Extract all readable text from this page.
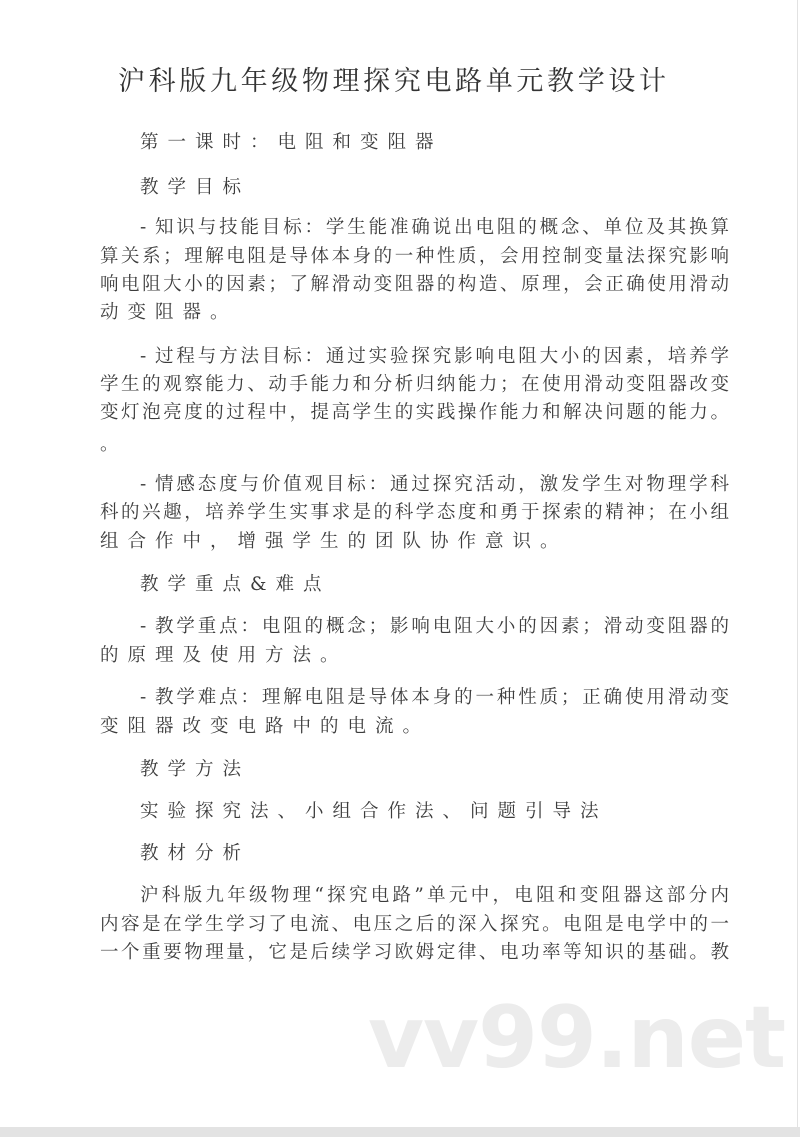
沪科版九年级物理探究电路单元教学设计
第一课时：电阻和变阻器
教学目标
- 知识与技能目标：学生能准确说出电阻的概念、单位及其换算
算关系；理解电阻是导体本身的一种性质，会用控制变量法探究影响
响电阻大小的因素；了解滑动变阻器的构造、原理，会正确使用滑动
动变阻器。
- 过程与方法目标：通过实验探究影响电阻大小的因素，培养学
学生的观察能力、动手能力和分析归纳能力；在使用滑动变阻器改变
变灯泡亮度的过程中，提高学生的实践操作能力和解决问题的能力。
。
- 情感态度与价值观目标：通过探究活动，激发学生对物理学科
科的兴趣，培养学生实事求是的科学态度和勇于探索的精神；在小组
组合作中，增强学生的团队协作意识。
教学重点&难点
- 教学重点：电阻的概念；影响电阻大小的因素；滑动变阻器的
的原理及使用方法。
- 教学难点：理解电阻是导体本身的一种性质；正确使用滑动变
变阻器改变电路中的电流。
教学方法
实验探究法、小组合作法、问题引导法
教材分析
沪科版九年级物理“探究电路”单元中，电阻和变阻器这部分内
内容是在学生学习了电流、电压之后的深入探究。电阻是电学中的一
一个重要物理量，它是后续学习欧姆定律、电功率等知识的基础。教
vv99.net
